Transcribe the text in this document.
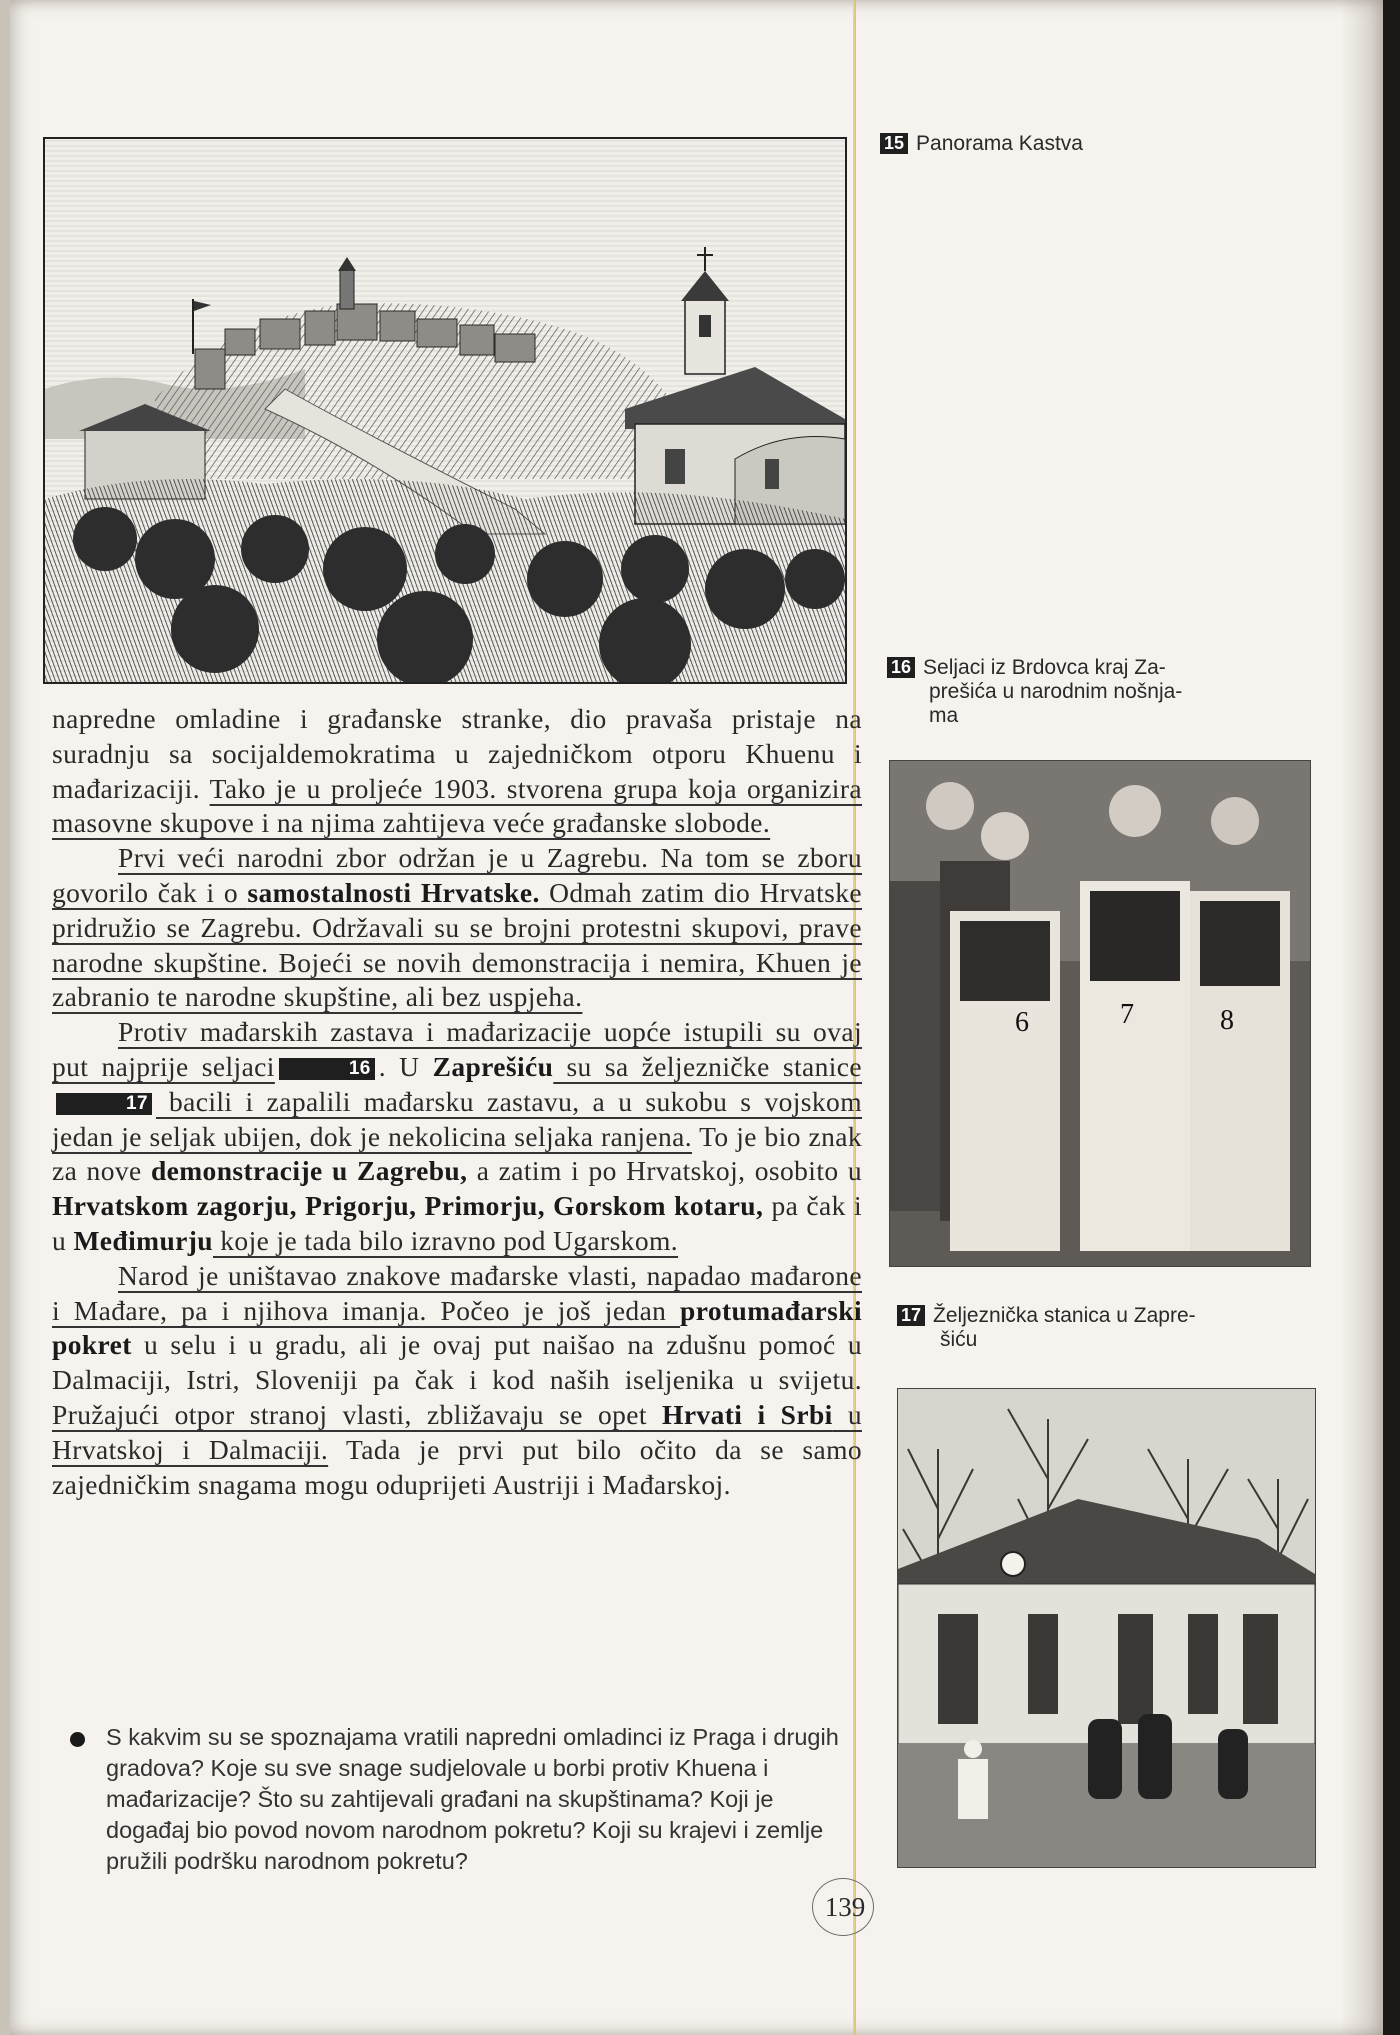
napredne omladine i građanske stranke, dio pravaša pristaje na suradnju sa socijaldemokratima u zajedničkom otporu Khuenu i mađarizaciji. Tako je u proljeće 1903. stvorena grupa koja organizira masovne skupove i na njima zahtijeva veće građanske slobode.

Prvi veći narodni zbor održan je u Zagrebu. Na tom se zboru govorilo čak i o samostalnosti Hrvatske. Odmah zatim dio Hrvatske pridružio se Zagrebu. Održavali su se brojni protestni skupovi, prave narodne skupštine. Bojeći se novih demonstracija i nemira, Khuen je zabranio te narodne skupštine, ali bez uspjeha.

Protiv mađarskih zastava i mađarizacije uopće istupili su ovaj put najprije seljaci	16 . U Zaprešiću su sa željezničke stanice17 bacili i zapalili mađarsku zastavu, a u sukobu s vojskom jedan je seljak ubijen, dok je nekolicina seljaka ranjena. To je bio znak za nove demonstracije u Zagrebu, a zatim i po Hrvatskoj, osobito u Hrvatskom zagorju, Prigorju, Primorju, Gorskom kotaru, pa čak i u Međimurju koje je tada bilo izravno pod Ugarskom.

Narod je uništavao znakove mađarske vlasti, napadao mađarone i Mađare, pa i njihova imanja. Počeo je još jedan protumađarski pokret u selu i u gradu, ali je ovaj put naišao na zdušnu pomoć u Dalmaciji, Istri, Sloveniji pa čak i kod naših iseljenika u svijetu. Pružajući otpor stranoj vlasti, zbližavaju se opet Hrvati i Srbi u Hrvatskoj i Dalmaciji. Tada je prvi put bilo očito da se samo zajedničkim snagama mogu oduprijeti Austriji i Mađarskoj.

S kakvim su se spoznajama vratili napredni omladinci iz Praga i drugih gradova? Koje su sve snage sudjelovale u borbi protiv Khuena i mađarizacije? Što su zahtijevali građani na skupštinama? Koji je događaj bio povod novom narodnom pokretu? Koji su krajevi i zemlje pružili podršku narodnom pokretu?
139
15 Panorama Kastva
16 Seljaci iz Brdovca kraj Za-
prešića u narodnim nošnja-
ma
6	7	8
17 Željeznička stanica u Zapre-
šiću
